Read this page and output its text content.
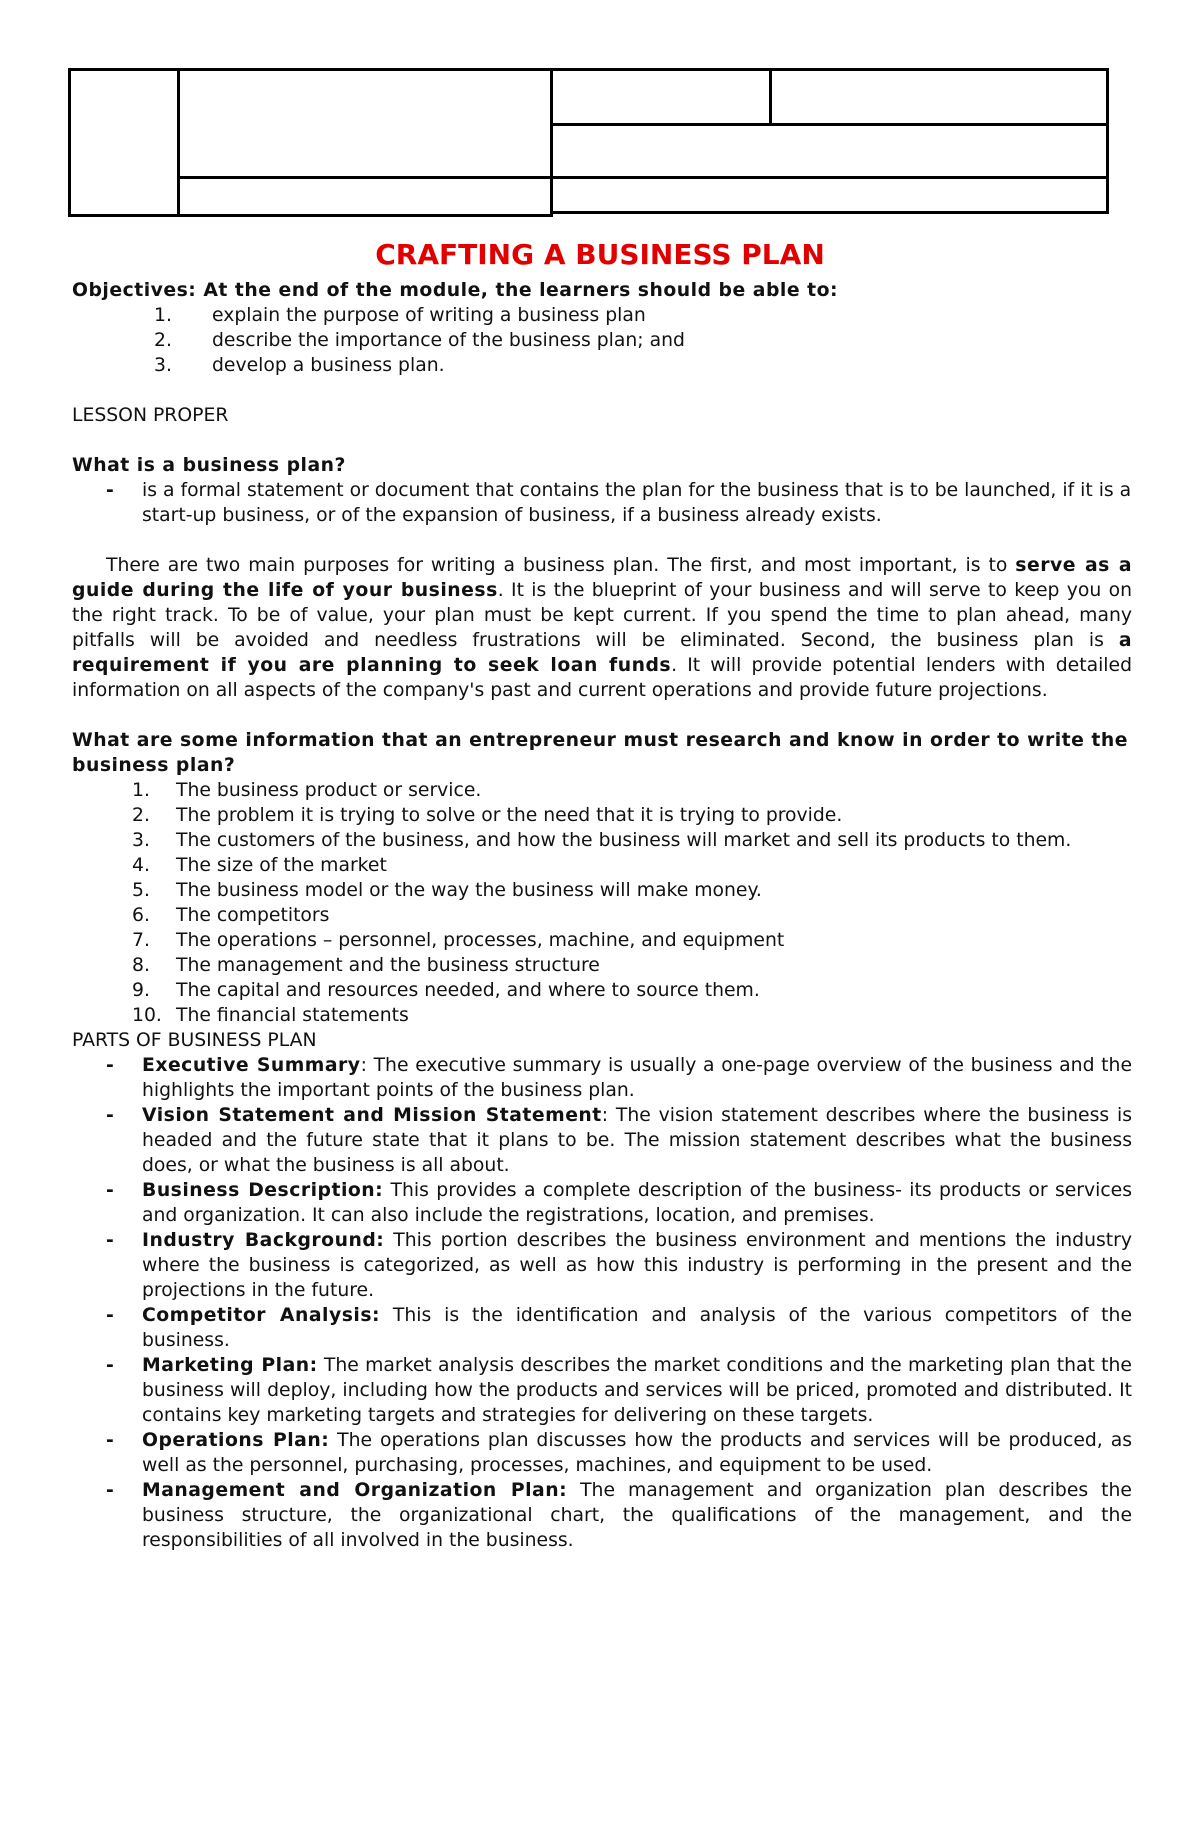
CRAFTING A BUSINESS PLAN

Objectives: At the end of the module, the learners should be able to:

1. explain the purpose of writing a business plan
2. describe the importance of the business plan; and
3. develop a business plan.

LESSON PROPER

What is a business plan?

- is a formal statement or document that contains the plan for the business that is to be launched, if it is a start-up business, or of the expansion of business, if a business already exists.

There are two main purposes for writing a business plan. The first, and most important, is to serve as a guide during the life of your business. It is the blueprint of your business and will serve to keep you on the right track. To be of value, your plan must be kept current. If you spend the time to plan ahead, many pitfalls will be avoided and needless frustrations will be eliminated. Second, the business plan is a requirement if you are planning to seek loan funds. It will provide potential lenders with detailed information on all aspects of the company's past and current operations and provide future projections.

What are some information that an entrepreneur must research and know in order to write the business plan?

1. The business product or service.
2. The problem it is trying to solve or the need that it is trying to provide.
3. The customers of the business, and how the business will market and sell its products to them.
4. The size of the market
5. The business model or the way the business will make money.
6. The competitors
7. The operations – personnel, processes, machine, and equipment
8. The management and the business structure
9. The capital and resources needed, and where to source them.
10. The financial statements

PARTS OF BUSINESS PLAN

- Executive Summary: The executive summary is usually a one-page overview of the business and the highlights the important points of the business plan.
- Vision Statement and Mission Statement: The vision statement describes where the business is headed and the future state that it plans to be. The mission statement describes what the business does, or what the business is all about.
- Business Description: This provides a complete description of the business- its products or services and organization. It can also include the registrations, location, and premises.
- Industry Background: This portion describes the business environment and mentions the industry where the business is categorized, as well as how this industry is performing in the present and the projections in the future.
- Competitor Analysis: This is the identification and analysis of the various competitors of the business.
- Marketing Plan: The market analysis describes the market conditions and the marketing plan that the business will deploy, including how the products and services will be priced, promoted and distributed. It contains key marketing targets and strategies for delivering on these targets.
- Operations Plan: The operations plan discusses how the products and services will be produced, as well as the personnel, purchasing, processes, machines, and equipment to be used.
- Management and Organization Plan: The management and organization plan describes the business structure, the organizational chart, the qualifications of the management, and the responsibilities of all involved in the business.
